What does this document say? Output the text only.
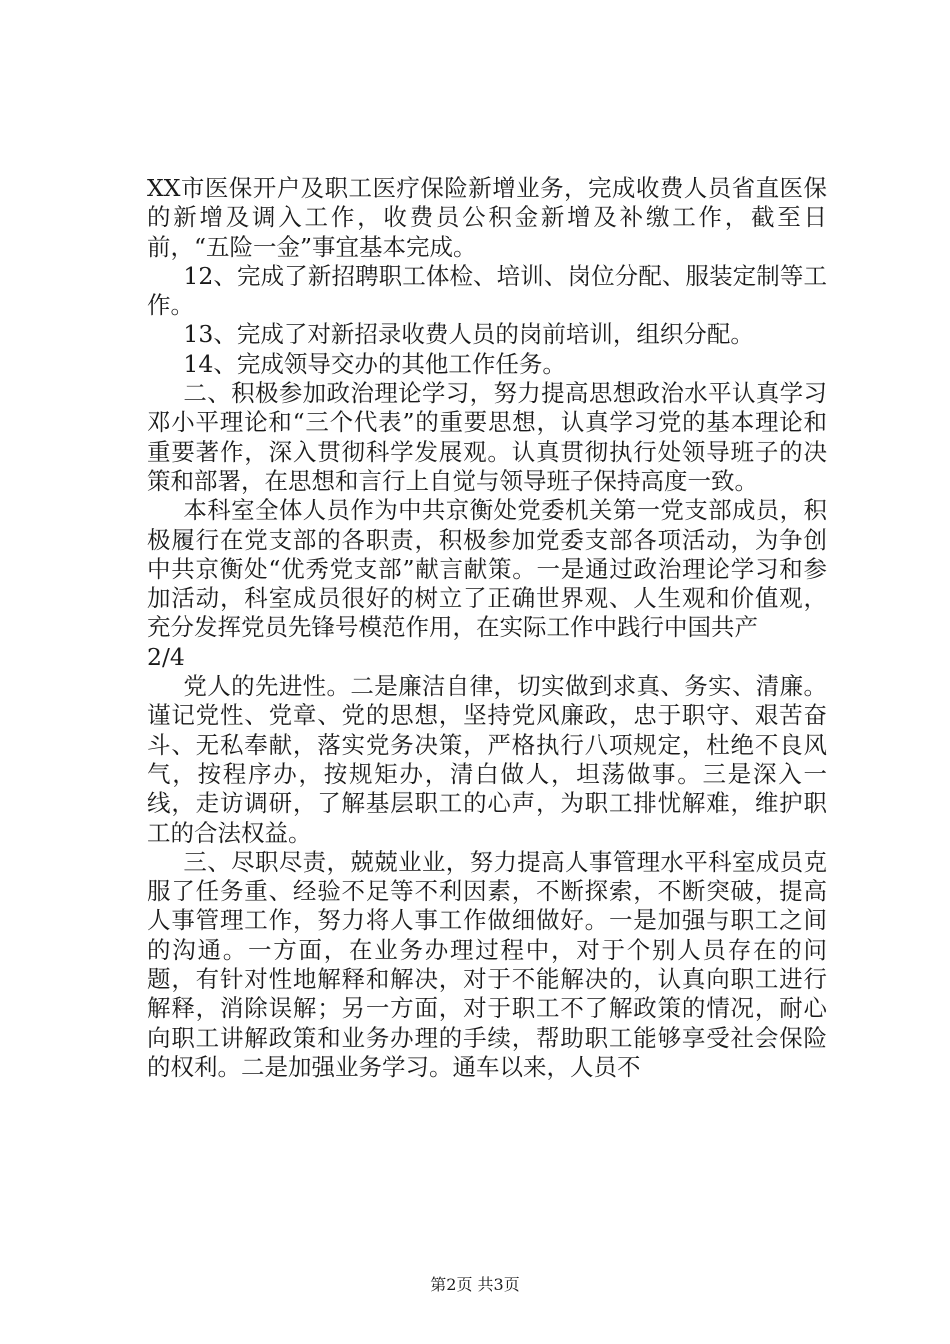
XX市医保开户及职工医疗保险新增业务，完成收费人员省直医保的新增及调入工作，收费员公积金新增及补缴工作，截至日前，“五险一金”事宜基本完成。

12、完成了新招聘职工体检、培训、岗位分配、服装定制等工作。

13、完成了对新招录收费人员的岗前培训，组织分配。

14、完成领导交办的其他工作任务。

二、积极参加政治理论学习，努力提高思想政治水平认真学习邓小平理论和“三个代表”的重要思想，认真学习党的基本理论和重要著作，深入贯彻科学发展观。认真贯彻执行处领导班子的决策和部署，在思想和言行上自觉与领导班子保持高度一致。

本科室全体人员作为中共京衡处党委机关第一党支部成员，积极履行在党支部的各职责，积极参加党委支部各项活动，为争创中共京衡处“优秀党支部”献言献策。一是通过政治理论学习和参加活动，科室成员很好的树立了正确世界观、人生观和价值观，充分发挥党员先锋号模范作用，在实际工作中践行中国共产

2/4

党人的先进性。二是廉洁自律，切实做到求真、务实、清廉。谨记党性、党章、党的思想，坚持党风廉政，忠于职守、艰苦奋斗、无私奉献，落实党务决策，严格执行八项规定，杜绝不良风气，按程序办，按规矩办，清白做人，坦荡做事。三是深入一线，走访调研，了解基层职工的心声，为职工排忧解难，维护职工的合法权益。

三、尽职尽责，兢兢业业，努力提高人事管理水平科室成员克服了任务重、经验不足等不利因素，不断探索，不断突破，提高人事管理工作，努力将人事工作做细做好。一是加强与职工之间的沟通。一方面，在业务办理过程中，对于个别人员存在的问题，有针对性地解释和解决，对于不能解决的，认真向职工进行解释，消除误解；另一方面，对于职工不了解政策的情况，耐心向职工讲解政策和业务办理的手续，帮助职工能够享受社会保险的权利。二是加强业务学习。通车以来，人员不

第2页 共3页
